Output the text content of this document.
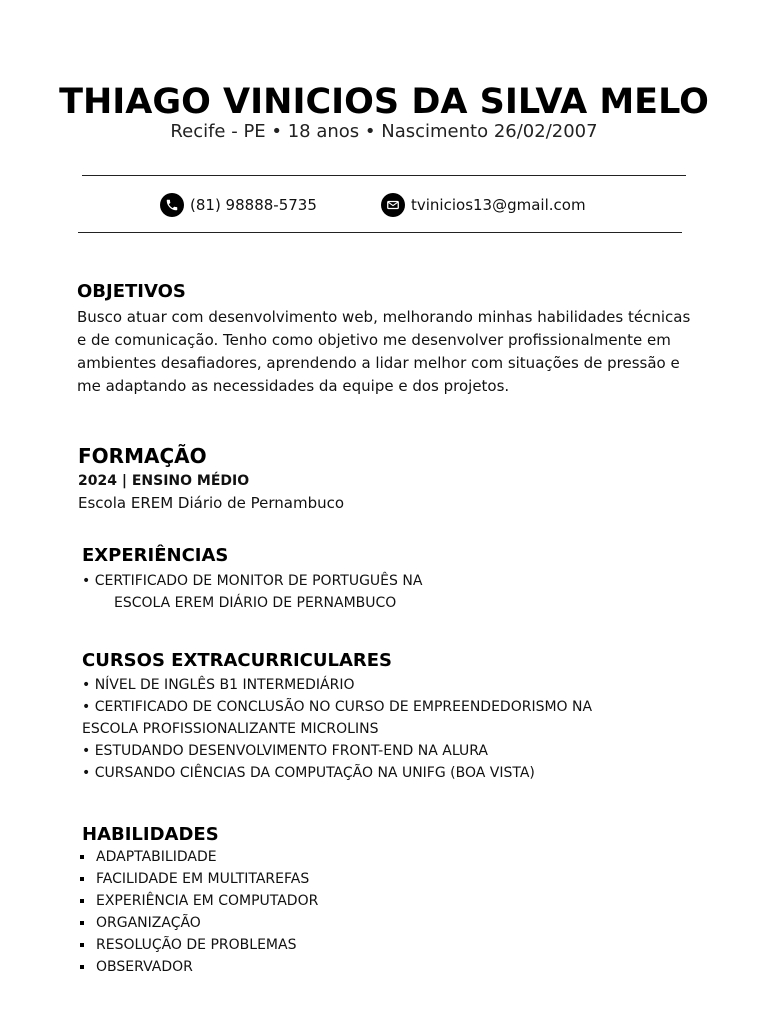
THIAGO VINICIOS DA SILVA MELO
Recife - PE • 18 anos • Nascimento 26/02/2007
(81) 98888-5735	tvinicios13@gmail.com
OBJETIVOS
Busco atuar com desenvolvimento web, melhorando minhas habilidades técnicas e de comunicação. Tenho como objetivo me desenvolver profissionalmente em ambientes desafiadores, aprendendo a lidar melhor com situações de pressão e me adaptando as necessidades da equipe e dos projetos.
FORMAÇÃO
2024 | ENSINO MÉDIO
Escola EREM Diário de Pernambuco
EXPERIÊNCIAS
• CERTIFICADO DE MONITOR DE PORTUGUÊS NA
ESCOLA EREM DIÁRIO DE PERNAMBUCO
CURSOS EXTRACURRICULARES
• NÍVEL DE INGLÊS B1 INTERMEDIÁRIO
• CERTIFICADO DE CONCLUSÃO NO CURSO DE EMPREENDEDORISMO NA
ESCOLA PROFISSIONALIZANTE MICROLINS
• ESTUDANDO DESENVOLVIMENTO FRONT-END NA ALURA
• CURSANDO CIÊNCIAS DA COMPUTAÇÃO NA UNIFG (BOA VISTA)
HABILIDADES
ADAPTABILIDADE
FACILIDADE EM MULTITAREFAS
EXPERIÊNCIA EM COMPUTADOR
ORGANIZAÇÃO
RESOLUÇÃO DE PROBLEMAS
OBSERVADOR
